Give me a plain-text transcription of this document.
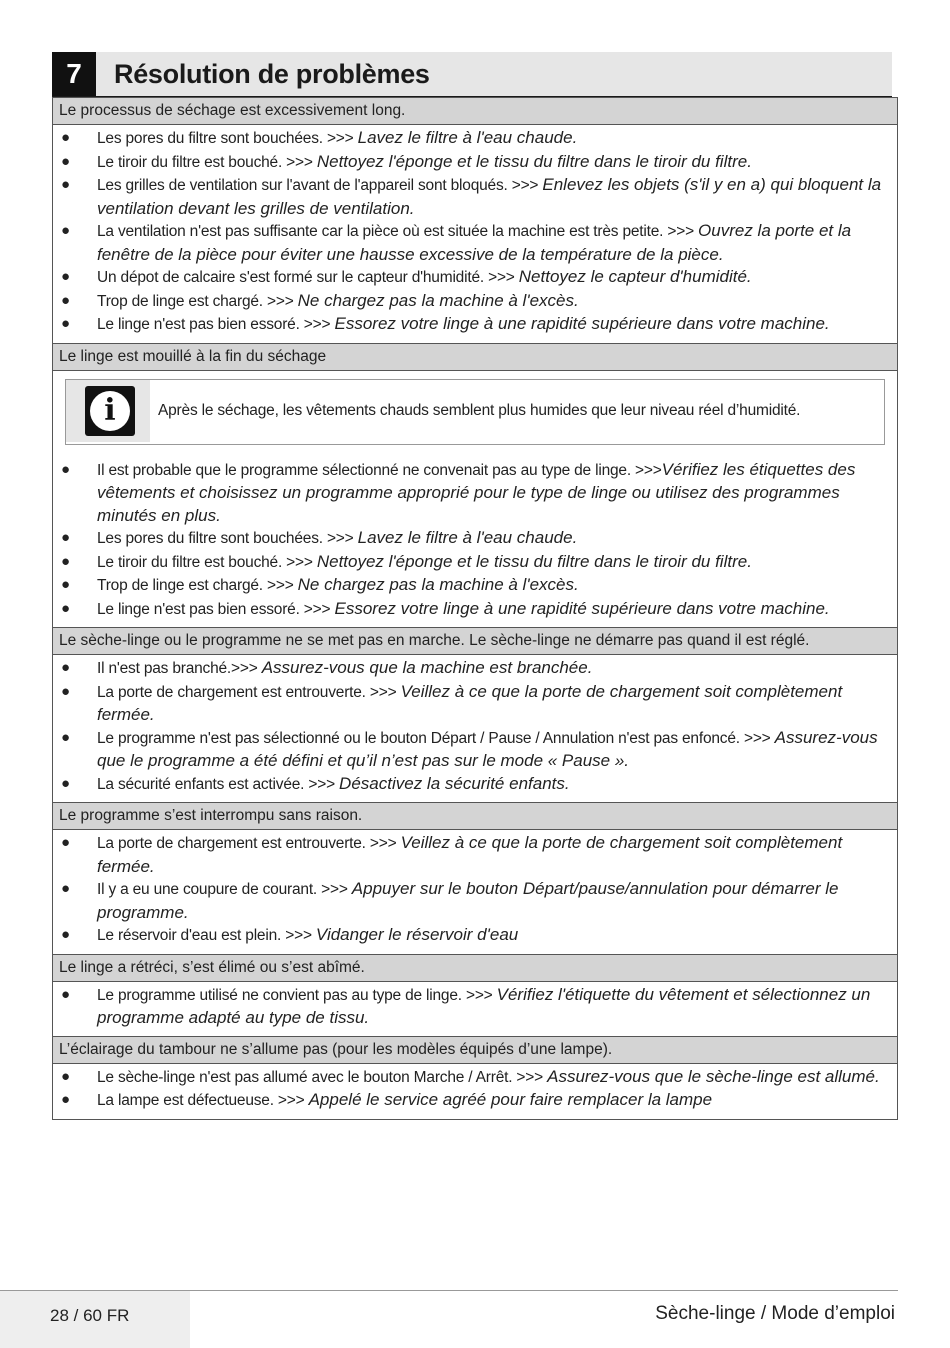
7	Résolution de problèmes
Le processus de séchage est excessivement long.
● Les pores du filtre sont bouchées. >>> Lavez le filtre à l'eau chaude.
● Le tiroir du filtre est bouché. >>> Nettoyez l'éponge et le tissu du filtre dans le tiroir du filtre.
● Les grilles de ventilation sur l'avant de l'appareil sont bloqués. >>> Enlevez les objets (s'il y en a) qui bloquent la ventilation devant les grilles de ventilation.
● La ventilation n'est pas suffisante car la pièce où est située la machine est très petite. >>> Ouvrez la porte et la fenêtre de la pièce pour éviter une hausse excessive de la température de la pièce.
● Un dépot de calcaire s'est formé sur le capteur d'humidité. >>> Nettoyez le capteur d'humidité.
● Trop de linge est chargé. >>> Ne chargez pas la machine à l'excès.
● Le linge n'est pas bien essoré. >>> Essorez votre linge à une rapidité supérieure dans votre machine.
Le linge est mouillé à la fin du séchage
i	Après le séchage, les vêtements chauds semblent plus humides que leur niveau réel d’humidité.
● Il est probable que le programme sélectionné ne convenait pas au type de linge. >>>Vérifiez les étiquettes des vêtements et choisissez un programme approprié pour le type de linge ou utilisez des programmes minutés en plus.
● Les pores du filtre sont bouchées. >>> Lavez le filtre à l'eau chaude.
● Le tiroir du filtre est bouché. >>> Nettoyez l'éponge et le tissu du filtre dans le tiroir du filtre.
● Trop de linge est chargé. >>> Ne chargez pas la machine à l'excès.
● Le linge n'est pas bien essoré. >>> Essorez votre linge à une rapidité supérieure dans votre machine.
Le sèche-linge ou le programme ne se met pas en marche. Le sèche-linge ne démarre pas quand il est réglé.
● Il n'est pas branché.>>> Assurez-vous que la machine est branchée.
● La porte de chargement est entrouverte. >>> Veillez à ce que la porte de chargement soit complètement fermée.
● Le programme n'est pas sélectionné ou le bouton Départ / Pause / Annulation n'est pas enfoncé. >>> Assurez-vous que le programme a été défini et qu’il n’est pas sur le mode « Pause ».
● La sécurité enfants est activée. >>> Désactivez la sécurité enfants.
Le programme s’est interrompu sans raison.
● La porte de chargement est entrouverte. >>> Veillez à ce que la porte de chargement soit complètement fermée.
● Il y a eu une coupure de courant. >>> Appuyer sur le bouton Départ/pause/annulation pour démarrer le programme.
● Le réservoir d'eau est plein. >>> Vidanger le réservoir d'eau
Le linge a rétréci, s’est élimé ou s’est abîmé.
● Le programme utilisé ne convient pas au type de linge. >>> Vérifiez l'étiquette du vêtement et sélectionnez un programme adapté au type de tissu.
L’éclairage du tambour ne s’allume pas (pour les modèles équipés d’une lampe).
● Le sèche-linge n'est pas allumé avec le bouton Marche / Arrêt. >>> Assurez-vous que le sèche-linge est allumé.
● La lampe est défectueuse. >>> Appelé le service agréé pour faire remplacer la lampe
28 / 60 FR	Sèche-linge / Mode d’emploi
